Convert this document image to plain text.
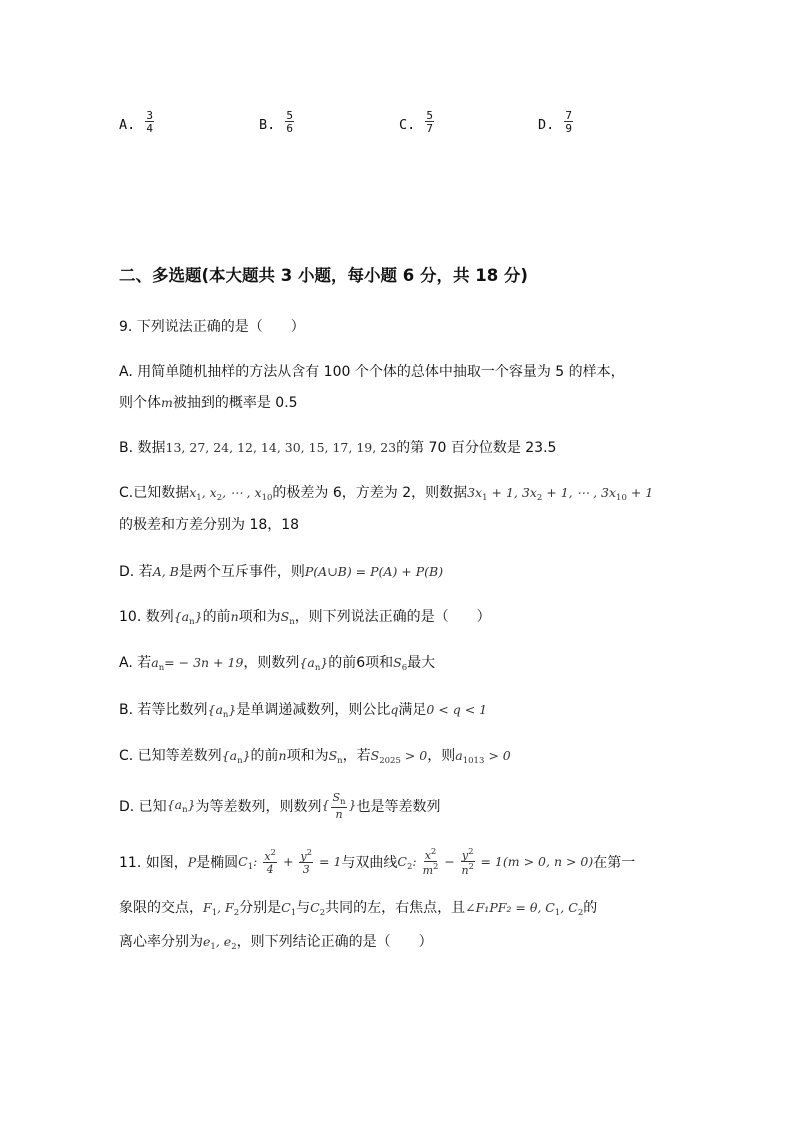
A. $\frac{3}{4}$	B. $\frac{5}{6}$	C. $\frac{5}{7}$	D. $\frac{7}{9}$
二、多选题(本大题共 3 小题，每小题 6 分，共 18 分)
9. 下列说法正确的是（　　）
A. 用简单随机抽样的方法从含有 100 个个体的总体中抽取一个容量为 5 的样本，
则个体m被抽到的概率是 0.5
B. 数据13, 27, 24, 12, 14, 30, 15, 17, 19, 23的第 70 百分位数是 23.5
C.已知数据$x_1$, $x_2$, ⋯ , $x_{10}$的极差为 6，方差为 2，则数据$3x_1 + 1$, $3x_2 + 1$, ⋯ , $3x_{10} + 1$
的极差和方差分别为 18，18
D. 若A, B是两个互斥事件，则P(A∪B) = P(A) + P(B)
10. 数列$\{a_n\}$的前n项和为$S_n$，则下列说法正确的是（　　）
A. 若$a_n= - 3n + 19$，则数列$\{a_n\}$的前6项和$S_6$最大
B. 若等比数列$\{a_n\}$是单调递减数列，则公比q满足0 < q < 1
C. 已知等差数列$\{a_n\}$的前n项和为$S_n$，若$S_{2025} > 0$，则$a_{1013} > 0$
D. 已知$\{a_n\}$为等差数列，则数列{ $\frac{S_n}{n}$ }也是等差数列
11. 如图，P是椭圆$C_1$: $\frac{x^2}{4} + \frac{y^2}{3} = 1$与双曲线$C_2$: $\frac{x^2}{m^2} - \frac{y^2}{n^2} = 1(m > 0$, n > 0)在第一
象限的交点，$F_1$, $F_2$分别是$C_1$与$C_2$共同的左，右焦点，且∠F₁PF₂ = θ, $C_1$, $C_2$的
离心率分别为$e_1$, $e_2$，则下列结论正确的是（　　）
